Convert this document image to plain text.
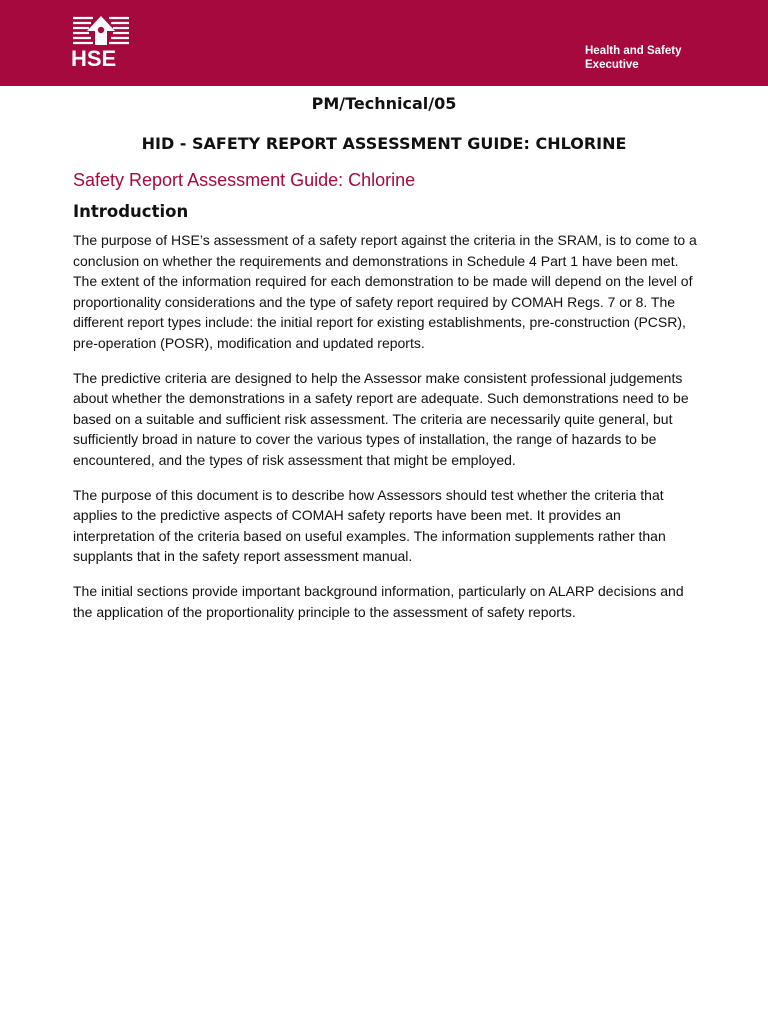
HSE	Health and Safety
Executive
PM/Technical/05
HID - SAFETY REPORT ASSESSMENT GUIDE: CHLORINE
Safety Report Assessment Guide: Chlorine
Introduction

The purpose of HSE’s assessment of a safety report against the criteria in the SRAM, is to come to a conclusion on whether the requirements and demonstrations in Schedule 4 Part 1 have been met. The extent of the information required for each demonstration to be made will depend on the level of proportionality considerations and the type of safety report required by COMAH Regs. 7 or 8. The different report types include: the initial report for existing establishments, pre-construction (PCSR), pre-operation (POSR), modification and updated reports.

The predictive criteria are designed to help the Assessor make consistent professional judgements about whether the demonstrations in a safety report are adequate. Such demonstrations need to be based on a suitable and sufficient risk assessment. The criteria are necessarily quite general, but sufficiently broad in nature to cover the various types of installation, the range of hazards to be encountered, and the types of risk assessment that might be employed.

The purpose of this document is to describe how Assessors should test whether the criteria that applies to the predictive aspects of COMAH safety reports have been met. It provides an interpretation of the criteria based on useful examples. The information supplements rather than supplants that in the safety report assessment manual.

The initial sections provide important background information, particularly on ALARP decisions and the application of the proportionality principle to the assessment of safety reports.
